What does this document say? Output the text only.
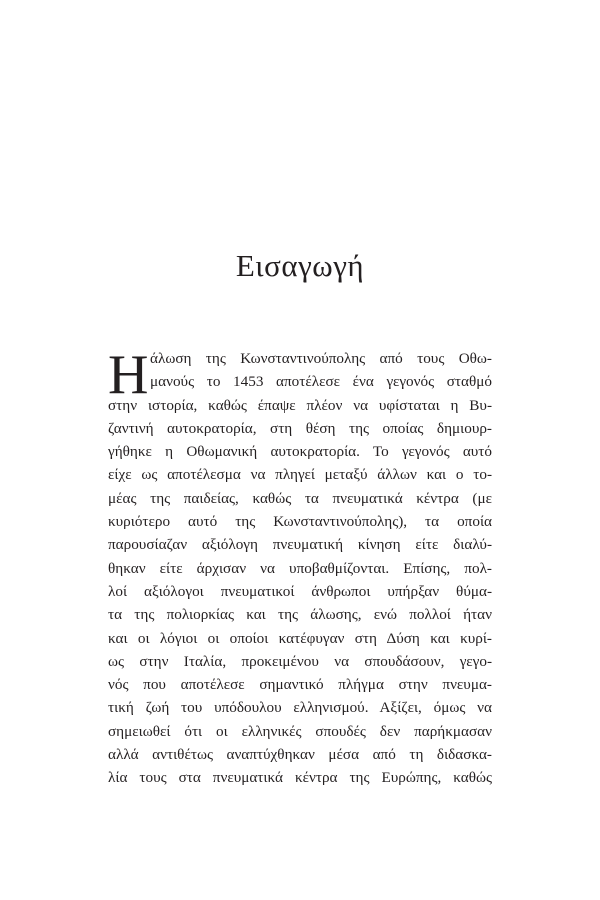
Εισαγωγή
Η άλωση της Κωνσταντινούπολης από τους Οθω-
μανούς το 1453 αποτέλεσε ένα γεγονός σταθμό
στην ιστορία, καθώς έπαψε πλέον να υφίσταται η Βυ-
ζαντινή αυτοκρατορία, στη θέση της οποίας δημιουρ-
γήθηκε η Οθωμανική αυτοκρατορία. Το γεγονός αυτό
είχε ως αποτέλεσμα να πληγεί μεταξύ άλλων και ο το-
μέας της παιδείας, καθώς τα πνευματικά κέντρα (με
κυριότερο αυτό της Κωνσταντινούπολης), τα οποία
παρουσίαζαν αξιόλογη πνευματική κίνηση είτε διαλύ-
θηκαν είτε άρχισαν να υποβαθμίζονται. Επίσης, πολ-
λοί αξιόλογοι πνευματικοί άνθρωποι υπήρξαν θύμα-
τα της πολιορκίας και της άλωσης, ενώ πολλοί ήταν
και οι λόγιοι οι οποίοι κατέφυγαν στη Δύση και κυρί-
ως στην Ιταλία, προκειμένου να σπουδάσουν, γεγο-
νός που αποτέλεσε σημαντικό πλήγμα στην πνευμα-
τική ζωή του υπόδουλου ελληνισμού. Αξίζει, όμως να
σημειωθεί ότι οι ελληνικές σπουδές δεν παρήκμασαν
αλλά αντιθέτως αναπτύχθηκαν μέσα από τη διδασκα-
λία τους στα πνευματικά κέντρα της Ευρώπης, καθώς
